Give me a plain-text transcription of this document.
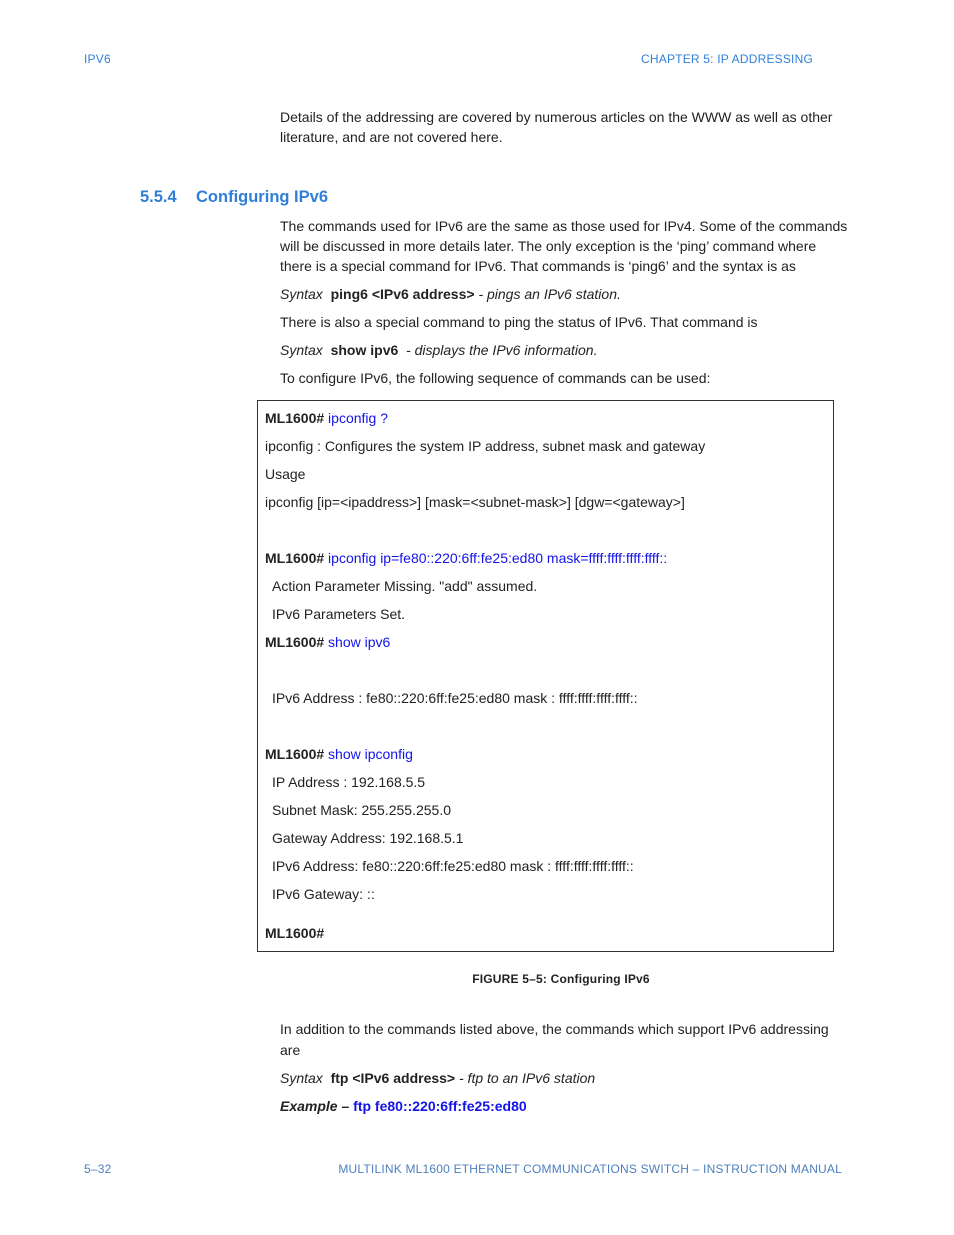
IPV6	CHAPTER 5: IP ADDRESSING
Details of the addressing are covered by numerous articles on the WWW as well as other
literature, and are not covered here.
5.5.4 Configuring IPv6
The commands used for IPv6 are the same as those used for IPv4. Some of the commands
will be discussed in more details later. The only exception is the ‘ping’ command where
there is a special command for IPv6. That commands is ‘ping6’ and the syntax is as
Syntax ping6 <IPv6 address> - pings an IPv6 station.
There is also a special command to ping the status of IPv6. That command is
Syntax show ipv6  - displays the IPv6 information.
To configure IPv6, the following sequence of commands can be used:
ML1600# ipconfig ?
ipconfig : Configures the system IP address, subnet mask and gateway
Usage
ipconfig [ip=<ipaddress>] [mask=<subnet-mask>] [dgw=<gateway>]
ML1600# ipconfig ip=fe80::220:6ff:fe25:ed80 mask=ffff:ffff:ffff:ffff::
Action Parameter Missing. "add" assumed.
IPv6 Parameters Set.
ML1600# show ipv6
IPv6 Address : fe80::220:6ff:fe25:ed80 mask : ffff:ffff:ffff:ffff::
ML1600# show ipconfig
IP Address : 192.168.5.5
Subnet Mask: 255.255.255.0
Gateway Address: 192.168.5.1
IPv6 Address: fe80::220:6ff:fe25:ed80 mask : ffff:ffff:ffff:ffff::
IPv6 Gateway: ::
ML1600#
FIGURE 5–5: Configuring IPv6
In addition to the commands listed above, the commands which support IPv6 addressing
are
Syntax ftp <IPv6 address> - ftp to an IPv6 station
Example – ftp fe80::220:6ff:fe25:ed80
5–32	MULTILINK ML1600 ETHERNET COMMUNICATIONS SWITCH – INSTRUCTION MANUAL
